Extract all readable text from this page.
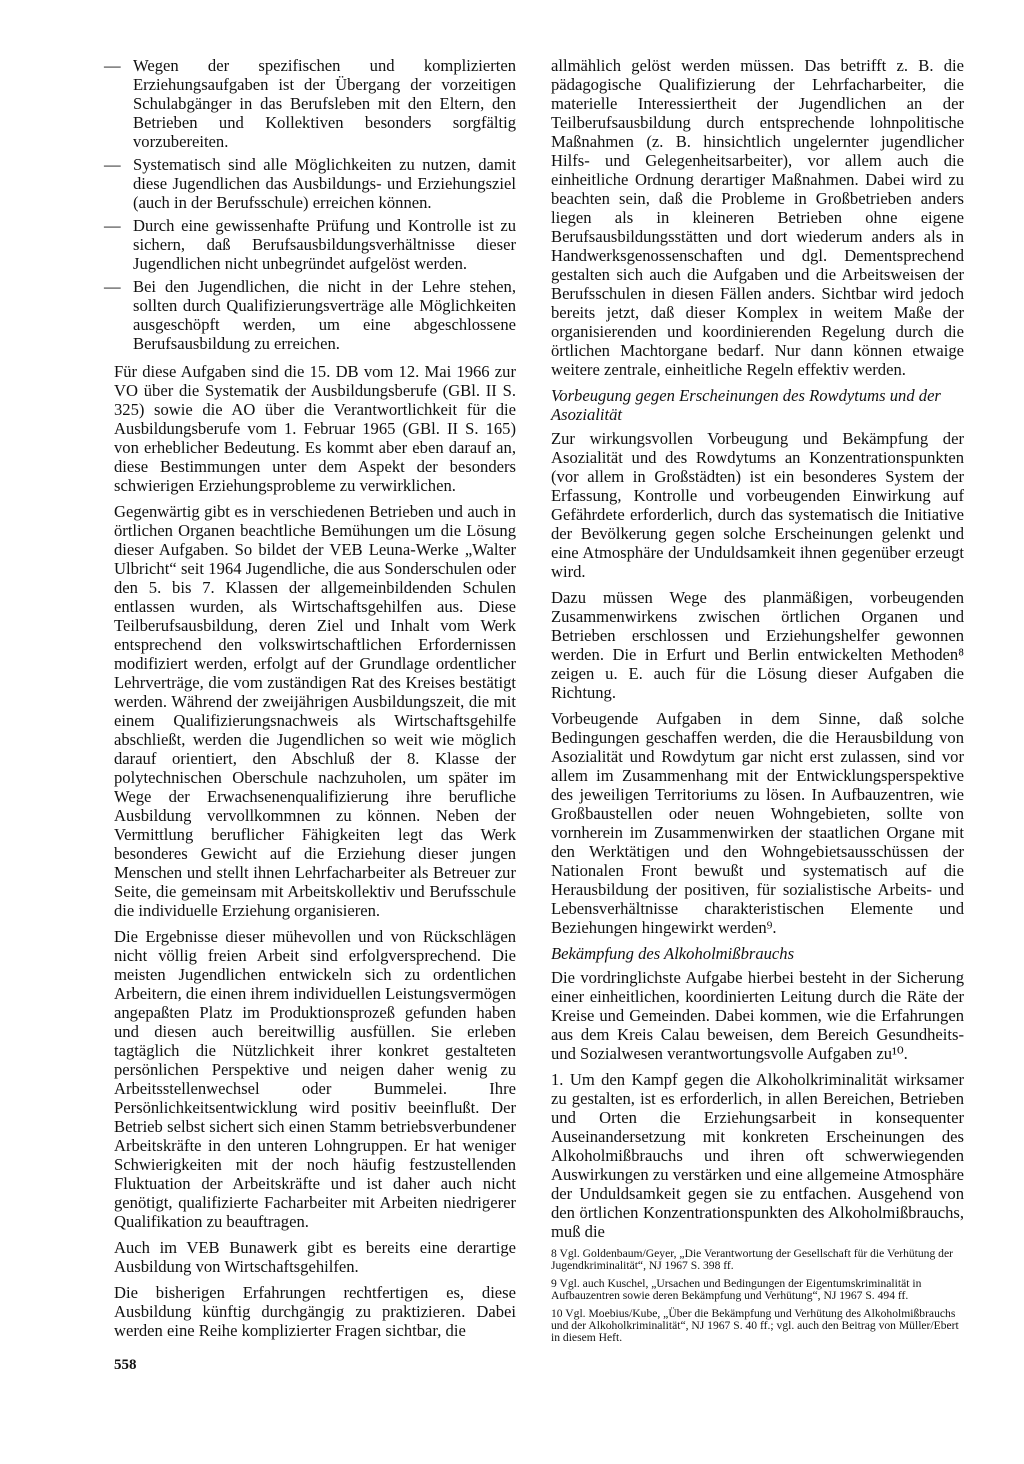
— Wegen der spezifischen und komplizierten Erziehungsaufgaben ist der Übergang der vorzeitigen Schulabgänger in das Berufsleben mit den Eltern, den Betrieben und Kollektiven besonders sorgfältig vorzubereiten.
— Systematisch sind alle Möglichkeiten zu nutzen, damit diese Jugendlichen das Ausbildungs- und Erziehungsziel (auch in der Berufsschule) erreichen können.
— Durch eine gewissenhafte Prüfung und Kontrolle ist zu sichern, daß Berufsausbildungsverhältnisse dieser Jugendlichen nicht unbegründet aufgelöst werden.
— Bei den Jugendlichen, die nicht in der Lehre stehen, sollten durch Qualifizierungsverträge alle Möglichkeiten ausgeschöpft werden, um eine abgeschlossene Berufsausbildung zu erreichen.

Für diese Aufgaben sind die 15. DB vom 12. Mai 1966 zur VO über die Systematik der Ausbildungsberufe (GBl. II S. 325) sowie die AO über die Verantwortlichkeit für die Ausbildungsberufe vom 1. Februar 1965 (GBl. II S. 165) von erheblicher Bedeutung. Es kommt aber eben darauf an, diese Bestimmungen unter dem Aspekt der besonders schwierigen Erziehungsprobleme zu verwirklichen.

Gegenwärtig gibt es in verschiedenen Betrieben und auch in örtlichen Organen beachtliche Bemühungen um die Lösung dieser Aufgaben. So bildet der VEB Leuna-Werke „Walter Ulbricht“ seit 1964 Jugendliche, die aus Sonderschulen oder den 5. bis 7. Klassen der allgemeinbildenden Schulen entlassen wurden, als Wirtschaftsgehilfen aus. Diese Teilberufsausbildung, deren Ziel und Inhalt vom Werk entsprechend den volkswirtschaftlichen Erfordernissen modifiziert werden, erfolgt auf der Grundlage ordentlicher Lehrverträge, die vom zuständigen Rat des Kreises bestätigt werden. Während der zweijährigen Ausbildungszeit, die mit einem Qualifizierungsnachweis als Wirtschaftsgehilfe abschließt, werden die Jugendlichen so weit wie möglich darauf orientiert, den Abschluß der 8. Klasse der polytechnischen Oberschule nachzuholen, um später im Wege der Erwachsenenqualifizierung ihre berufliche Ausbildung vervollkommnen zu können. Neben der Vermittlung beruflicher Fähigkeiten legt das Werk besonderes Gewicht auf die Erziehung dieser jungen Menschen und stellt ihnen Lehrfacharbeiter als Betreuer zur Seite, die gemeinsam mit Arbeitskollektiv und Berufsschule die individuelle Erziehung organisieren.

Die Ergebnisse dieser mühevollen und von Rückschlägen nicht völlig freien Arbeit sind erfolgversprechend. Die meisten Jugendlichen entwickeln sich zu ordentlichen Arbeitern, die einen ihrem individuellen Leistungsvermögen angepaßten Platz im Produktionsprozeß gefunden haben und diesen auch bereitwillig ausfüllen. Sie erleben tagtäglich die Nützlichkeit ihrer konkret gestalteten persönlichen Perspektive und neigen daher wenig zu Arbeitsstellenwechsel oder Bummelei. Ihre Persönlichkeitsentwicklung wird positiv beeinflußt. Der Betrieb selbst sichert sich einen Stamm betriebsverbundener Arbeitskräfte in den unteren Lohngruppen. Er hat weniger Schwierigkeiten mit der noch häufig festzustellenden Fluktuation der Arbeitskräfte und ist daher auch nicht genötigt, qualifizierte Facharbeiter mit Arbeiten niedrigerer Qualifikation zu beauftragen.

Auch im VEB Bunawerk gibt es bereits eine derartige Ausbildung von Wirtschaftsgehilfen.

Die bisherigen Erfahrungen rechtfertigen es, diese Ausbildung künftig durchgängig zu praktizieren. Dabei werden eine Reihe komplizierter Fragen sichtbar, die

allmählich gelöst werden müssen. Das betrifft z. B. die pädagogische Qualifizierung der Lehrfacharbeiter, die materielle Interessiertheit der Jugendlichen an der Teilberufsausbildung durch entsprechende lohnpolitische Maßnahmen (z. B. hinsichtlich ungelernter jugendlicher Hilfs- und Gelegenheitsarbeiter), vor allem auch die einheitliche Ordnung derartiger Maßnahmen. Dabei wird zu beachten sein, daß die Probleme in Großbetrieben anders liegen als in kleineren Betrieben ohne eigene Berufsausbildungsstätten und dort wiederum anders als in Handwerksgenossenschaften und dgl. Dementsprechend gestalten sich auch die Aufgaben und die Arbeitsweisen der Berufsschulen in diesen Fällen anders. Sichtbar wird jedoch bereits jetzt, daß dieser Komplex in weitem Maße der organisierenden und koordinierenden Regelung durch die örtlichen Machtorgane bedarf. Nur dann können etwaige weitere zentrale, einheitliche Regeln effektiv werden.

Vorbeugung gegen Erscheinungen des Rowdytums und der Asozialität

Zur wirkungsvollen Vorbeugung und Bekämpfung der Asozialität und des Rowdytums an Konzentrationspunkten (vor allem in Großstädten) ist ein besonderes System der Erfassung, Kontrolle und vorbeugenden Einwirkung auf Gefährdete erforderlich, durch das systematisch die Initiative der Bevölkerung gegen solche Erscheinungen gelenkt und eine Atmosphäre der Unduldsamkeit ihnen gegenüber erzeugt wird.

Dazu müssen Wege des planmäßigen, vorbeugenden Zusammenwirkens zwischen örtlichen Organen und Betrieben erschlossen und Erziehungshelfer gewonnen werden. Die in Erfurt und Berlin entwickelten Methoden⁸ zeigen u. E. auch für die Lösung dieser Aufgaben die Richtung.

Vorbeugende Aufgaben in dem Sinne, daß solche Bedingungen geschaffen werden, die die Herausbildung von Asozialität und Rowdytum gar nicht erst zulassen, sind vor allem im Zusammenhang mit der Entwicklungsperspektive des jeweiligen Territoriums zu lösen. In Aufbauzentren, wie Großbaustellen oder neuen Wohngebieten, sollte von vornherein im Zusammenwirken der staatlichen Organe mit den Werktätigen und den Wohngebietsausschüssen der Nationalen Front bewußt und systematisch auf die Herausbildung der positiven, für sozialistische Arbeits- und Lebensverhältnisse charakteristischen Elemente und Beziehungen hingewirkt werden⁹.

Bekämpfung des Alkoholmißbrauchs

Die vordringlichste Aufgabe hierbei besteht in der Sicherung einer einheitlichen, koordinierten Leitung durch die Räte der Kreise und Gemeinden. Dabei kommen, wie die Erfahrungen aus dem Kreis Calau beweisen, dem Bereich Gesundheits- und Sozialwesen verantwortungsvolle Aufgaben zu¹⁰.

1. Um den Kampf gegen die Alkoholkriminalität wirksamer zu gestalten, ist es erforderlich, in allen Bereichen, Betrieben und Orten die Erziehungsarbeit in konsequenter Auseinandersetzung mit konkreten Erscheinungen des Alkoholmißbrauchs und ihren oft schwerwiegenden Auswirkungen zu verstärken und eine allgemeine Atmosphäre der Unduldsamkeit gegen sie zu entfachen. Ausgehend von den örtlichen Konzentrationspunkten des Alkoholmißbrauchs, muß die

8 Vgl. Goldenbaum/Geyer, „Die Verantwortung der Gesellschaft für die Verhütung der Jugendkriminalität“, NJ 1967 S. 398 ff.

9 Vgl. auch Kuschel, „Ursachen und Bedingungen der Eigentumskriminalität in Aufbauzentren sowie deren Bekämpfung und Verhütung“, NJ 1967 S. 494 ff.

10 Vgl. Moebius/Kube, „Über die Bekämpfung und Verhütung des Alkoholmißbrauchs und der Alkoholkriminalität“, NJ 1967 S. 40 ff.; vgl. auch den Beitrag von Müller/Ebert in diesem Heft.

558
